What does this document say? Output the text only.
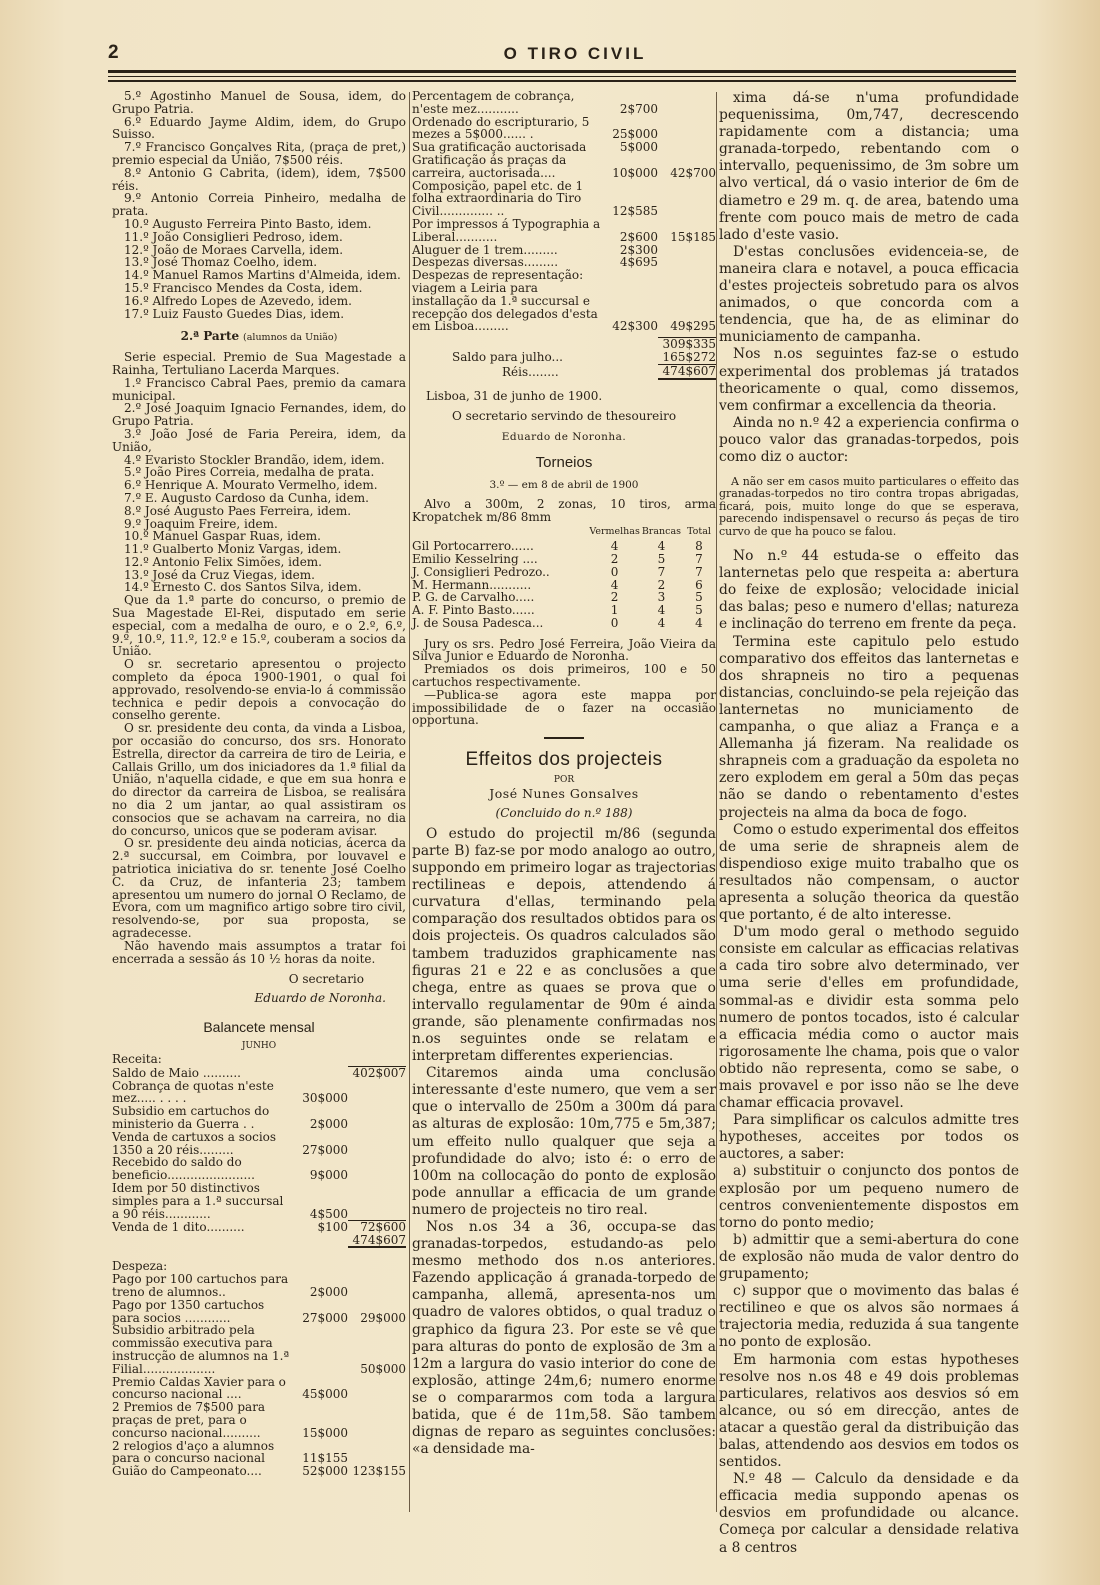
2	O TIRO CIVIL

5.º Agostinho Manuel de Sousa, idem, do Grupo Patria.

6.º Eduardo Jayme Aldim, idem, do Grupo Suisso.

7.º Francisco Gonçalves Rita, (praça de pret,) premio especial da União, 7$500 réis.

8.º Antonio G Cabrita, (idem), idem, 7$500 réis.

9.º Antonio Correia Pinheiro, medalha de prata.

10.º Augusto Ferreira Pinto Basto, idem.

11.º João Consiglieri Pedroso, idem.

12.º João de Moraes Carvella, idem.

13.º José Thomaz Coelho, idem.

14.º Manuel Ramos Martins d'Almeida, idem.

15.º Francisco Mendes da Costa, idem.

16.º Alfredo Lopes de Azevedo, idem.

17.º Luiz Fausto Guedes Dias, idem.

2.ª Parte (alumnos da União)

Serie especial. Premio de Sua Magestade a Rainha, Tertuliano Lacerda Marques.

1.º Francisco Cabral Paes, premio da camara municipal.

2.º José Joaquim Ignacio Fernandes, idem, do Grupo Patria.

3.º João José de Faria Pereira, idem, da União,

4.º Evaristo Stockler Brandão, idem, idem.

5.º João Pires Correia, medalha de prata.

6.º Henrique A. Mourato Vermelho, idem.

7.º E. Augusto Cardoso da Cunha, idem.

8.º José Augusto Paes Ferreira, idem.

9.º Joaquim Freire, idem.

10.º Manuel Gaspar Ruas, idem.

11.º Gualberto Moniz Vargas, idem.

12.º Antonio Felix Simões, idem.

13.º José da Cruz Viegas, idem.

14.º Ernesto C. dos Santos Silva, idem.

Que da 1.ª parte do concurso, o premio de Sua Magestade El-Rei, disputado em serie especial, com a medalha de ouro, e o 2.º, 6.º, 9.º, 10.º, 11.º, 12.º e 15.º, couberam a socios da União.

O sr. secretario apresentou o projecto completo da época 1900-1901, o qual foi approvado, resolvendo-se envia-lo á commissão technica e pedir depois a convocação do conselho gerente.

O sr. presidente deu conta, da vinda a Lisboa, por occasião do concurso, dos srs. Honorato Estrella, director da carreira de tiro de Leiria, e Callais Grillo, um dos iniciadores da 1.ª filial da União, n'aquella cidade, e que em sua honra e do director da carreira de Lisboa, se realisára no dia 2 um jantar, ao qual assistiram os consocios que se achavam na carreira, no dia do concurso, unicos que se poderam avisar.

O sr. presidente deu ainda noticias, ácerca da 2.ª succursal, em Coimbra, por louvavel e patriotica iniciativa do sr. tenente José Coelho C. da Cruz, de infanteria 23; tambem apresentou um numero do jornal O Reclamo, de Evora, com um magnifico artigo sobre tiro civil, resolvendo-se, por sua proposta, se agradecesse.

Não havendo mais assumptos a tratar foi encerrada a sessão ás 10 ½ horas da noite.

O secretario

Eduardo de Noronha.

Balancete mensal
JUNHO

Receita:

Saldo de Maio ..........		402$007
Cobrança de quotas n'este mez..... . . . .	30$000	
Subsidio em cartuchos do ministerio da Guerra . .	2$000	
Venda de cartuxos a socios 1350 a 20 réis.........	27$000	
Recebido do saldo do beneficio.......................	9$000	
Idem por 50 distinctivos simples para a 1.ª succursal a 90 réis............	4$500	
Venda de 1 dito..........	$100	72$600
		474$607

Despeza:

Pago por 100 cartuchos para treno de alumnos..	2$000	
Pago por 1350 cartuchos para socios ............	27$000	29$000
Subsidio arbitrado pela commissão executiva para instrucção de alumnos na 1.ª Filial...................		50$000
Premio Caldas Xavier para o concurso nacional ....	45$000	
2 Premios de 7$500 para praças de pret, para o concurso nacional..........	15$000	
2 relogios d'aço a alumnos para o concurso nacional	11$155	
Guião do Campeonato....	52$000	123$155
Percentagem de cobrança, n'este mez...........	2$700	
Ordenado do escripturario, 5 mezes a 5$000...... .	25$000	
Sua gratificação auctorisada	5$000	
Gratificação ás praças da carreira, auctorisada....	10$000	42$700
Composição, papel etc. de 1 folha extraordinaria do Tiro Civil.............. ..	12$585	
Por impressos á Typographia a Liberal...........	2$600	15$185
Aluguer de 1 trem.........	2$300	
Despezas diversas.........	4$695	
Despezas de representação: viagem a Leiria para installação da 1.ª succursal e recepção dos delegados d'esta em Lisboa.........	42$300	49$295
		309$335
Saldo para julho...		165$272
Réis........		474$607

Lisboa, 31 de junho de 1900.

O secretario servindo de thesoureiro

Eduardo de Noronha.

Torneios

3.º — em 8 de abril de 1900

Alvo a 300m, 2 zonas, 10 tiros, arma Kropatchek m/86 8mm

	Vermelhas	Brancas	Total
Gil Portocarrero......	4	4	8
Emilio Kesselring ....	2	5	7
J. Consiglieri Pedrozo..	0	7	7
M. Hermann...........	4	2	6
P. G. de Carvalho.....	2	3	5
A. F. Pinto Basto......	1	4	5
J. de Sousa Padesca...	0	4	4

Jury os srs. Pedro José Ferreira, João Vieira da Silva Junior e Eduardo de Noronha.

Premiados os dois primeiros, 100 e 50 cartuchos respectivamente.

—Publica-se agora este mappa por impossibilidade de o fazer na occasião opportuna.

Effeitos dos projecteis
POR

José Nunes Gonsalves

(Concluido do n.º 188)

O estudo do projectil m/86 (segunda parte B) faz-se por modo analogo ao outro, suppondo em primeiro logar as trajectorias rectilineas e depois, attendendo á curvatura d'ellas, terminando pela comparação dos resultados obtidos para os dois projecteis. Os quadros calculados são tambem traduzidos graphicamente nas figuras 21 e 22 e as conclusões a que chega, entre as quaes se prova que o intervallo regulamentar de 90m é ainda grande, são plenamente confirmadas nos n.os seguintes onde se relatam e interpretam differentes experiencias.

Citaremos ainda uma conclusão interessante d'este numero, que vem a ser que o intervallo de 250m a 300m dá para as alturas de explosão: 10m,775 e 5m,387; um effeito nullo qualquer que seja a profundidade do alvo; isto é: o erro de 100m na collocação do ponto de explosão pode annullar a efficacia de um grande numero de projecteis no tiro real.

Nos n.os 34 a 36, occupa-se das granadas-torpedos, estudando-as pelo mesmo methodo dos n.os anteriores. Fazendo applicação á granada-torpedo de campanha, allemã, apresenta-nos um quadro de valores obtidos, o qual traduz o graphico da figura 23. Por este se vê que para alturas do ponto de explosão de 3m a 12m a largura do vasio interior do cone de explosão, attinge 24m,6; numero enorme se o compararmos com toda a largura batida, que é de 11m,58. São tambem dignas de reparo as seguintes conclusões: «a densidade ma-

xima dá-se n'uma profundidade pequenissima, 0m,747, decrescendo rapidamente com a distancia; uma granada-torpedo, rebentando com o intervallo, pequenissimo, de 3m sobre um alvo vertical, dá o vasio interior de 6m de diametro e 29 m. q. de area, batendo uma frente com pouco mais de metro de cada lado d'este vasio.

D'estas conclusões evidenceia-se, de maneira clara e notavel, a pouca efficacia d'estes projecteis sobretudo para os alvos animados, o que concorda com a tendencia, que ha, de as eliminar do municiamento de campanha.

Nos n.os seguintes faz-se o estudo experimental dos problemas já tratados theoricamente o qual, como dissemos, vem confirmar a excellencia da theoria.

Ainda no n.º 42 a experiencia confirma o pouco valor das granadas-torpedos, pois como diz o auctor:

A não ser em casos muito particulares o effeito das granadas-torpedos no tiro contra tropas abrigadas, ficará, pois, muito longe do que se esperava, parecendo indispensavel o recurso ás peças de tiro curvo de que ha pouco se falou.

No n.º 44 estuda-se o effeito das lanternetas pelo que respeita a: abertura do feixe de explosão; velocidade inicial das balas; peso e numero d'ellas; natureza e inclinação do terreno em frente da peça.

Termina este capitulo pelo estudo comparativo dos effeitos das lanternetas e dos shrapneis no tiro a pequenas distancias, concluindo-se pela rejeição das lanternetas no municiamento de campanha, o que aliaz a França e a Allemanha já fizeram. Na realidade os shrapneis com a graduação da espoleta no zero explodem em geral a 50m das peças não se dando o rebentamento d'estes projecteis na alma da boca de fogo.

Como o estudo experimental dos effeitos de uma serie de shrapneis alem de dispendioso exige muito trabalho que os resultados não compensam, o auctor apresenta a solução theorica da questão que portanto, é de alto interesse.

D'um modo geral o methodo seguido consiste em calcular as efficacias relativas a cada tiro sobre alvo determinado, ver uma serie d'elles em profundidade, sommal-as e dividir esta somma pelo numero de pontos tocados, isto é calcular a efficacia média como o auctor mais rigorosamente lhe chama, pois que o valor obtido não representa, como se sabe, o mais provavel e por isso não se lhe deve chamar efficacia provavel.

Para simplificar os calculos admitte tres hypotheses, acceites por todos os auctores, a saber:

a) substituir o conjuncto dos pontos de explosão por um pequeno numero de centros convenientemente dispostos em torno do ponto medio;

b) admittir que a semi-abertura do cone de explosão não muda de valor dentro do grupamento;

c) suppor que o movimento das balas é rectilineo e que os alvos são normaes á trajectoria media, reduzida á sua tangente no ponto de explosão.

Em harmonia com estas hypotheses resolve nos n.os 48 e 49 dois problemas particulares, relativos aos desvios só em alcance, ou só em direcção, antes de atacar a questão geral da distribuição das balas, attendendo aos desvios em todos os sentidos.

N.º 48 — Calculo da densidade e da efficacia media suppondo apenas os desvios em profundidade ou alcance. Começa por calcular a densidade relativa a 8 centros
